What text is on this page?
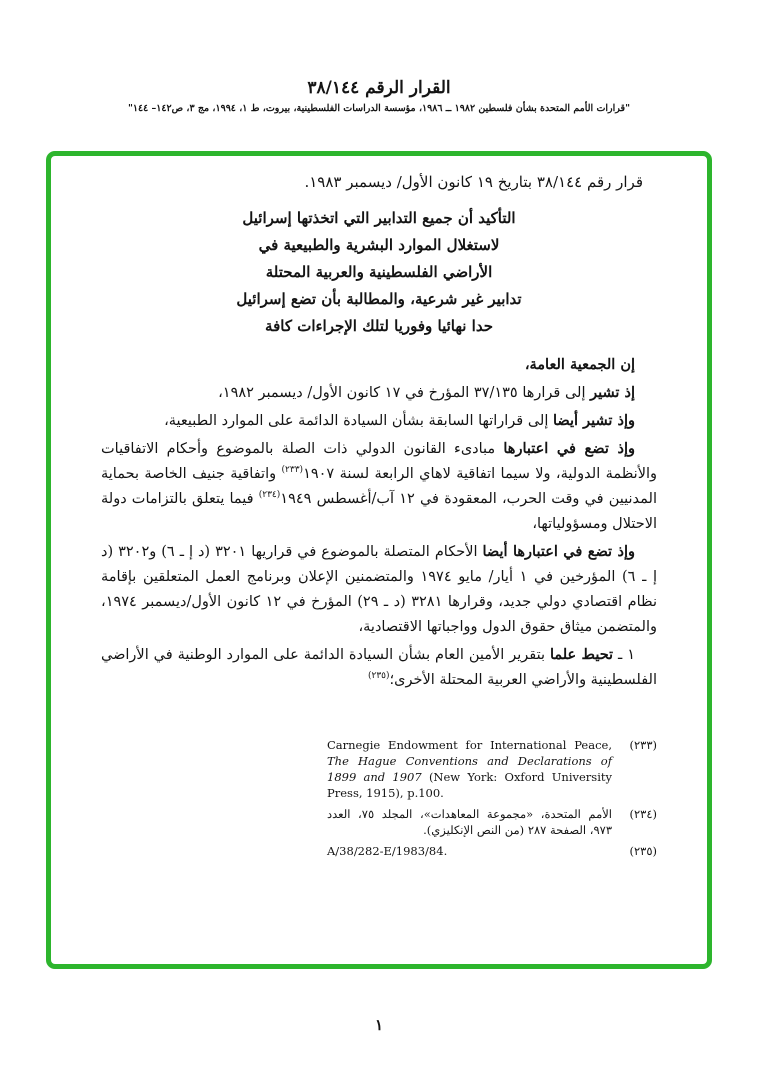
القرار الرقم ٣٨/١٤٤
"قرارات الأمم المتحدة بشأن فلسطين ١٩٨٢ ــ ١٩٨٦، مؤسسة الدراسات الفلسطينية، بيروت، ط ١، ١٩٩٤، مج ٣، ص١٤٢– ١٤٤"

قرار رقم ٣٨/١٤٤ بتاريخ ١٩ كانون الأول/ ديسمبر ١٩٨٣.

التأكيد أن جميع التدابير التي اتخذتها إسرائيل
لاستغلال الموارد البشرية والطبيعية في
الأراضي الفلسطينية والعربية المحتلة
تدابير غير شرعية، والمطالبة بأن تضع إسرائيل
حدا نهائيا وفوريا لتلك الإجراءات كافة

إن الجمعية العامة،

إذ تشير إلى قرارها ٣٧/١٣٥ المؤرخ في ١٧ كانون الأول/ ديسمبر ١٩٨٢،

وإذ تشير أيضا إلى قراراتها السابقة بشأن السيادة الدائمة على الموارد الطبيعية،

وإذ تضع في اعتبارها مبادىء القانون الدولي ذات الصلة بالموضوع وأحكام الاتفاقيات والأنظمة الدولية، ولا سيما اتفاقية لاهاي الرابعة لسنة ١٩٠٧$^{(٢٣٣)}$ واتفاقية جنيف الخاصة بحماية المدنيين في وقت الحرب، المعقودة في ١٢ آب/أغسطس ١٩٤٩$^{(٢٣٤)}$ فيما يتعلق بالتزامات دولة الاحتلال ومسؤولياتها،

وإذ تضع في اعتبارها أيضا الأحكام المتصلة بالموضوع في قراريها ٣٢٠١ (د إ ـ ٦) و٣٢٠٢ (د إ ـ ٦) المؤرخين في ١ أيار/ مايو ١٩٧٤ والمتضمنين الإعلان وبرنامج العمل المتعلقين بإقامة نظام اقتصادي دولي جديد، وقرارها ٣٢٨١ (د ـ ٢٩) المؤرخ في ١٢ كانون الأول/ديسمبر ١٩٧٤، والمتضمن ميثاق حقوق الدول وواجباتها الاقتصادية،

١ ـ تحيط علما بتقرير الأمين العام بشأن السيادة الدائمة على الموارد الوطنية في الأراضي الفلسطينية والأراضي العربية المحتلة الأخرى؛$^{(٢٣٥)}$

(٢٣٣)
Carnegie Endowment for International Peace, The Hague Conventions and Declarations of 1899 and 1907 (New York: Oxford University Press, 1915), p.100.
(٢٣٤)
الأمم المتحدة، «مجموعة المعاهدات»، المجلد ٧٥، العدد ٩٧٣، الصفحة ٢٨٧ (من النص الإنكليزي).
(٢٣٥)
A/38/282-E/1983/84.
١
